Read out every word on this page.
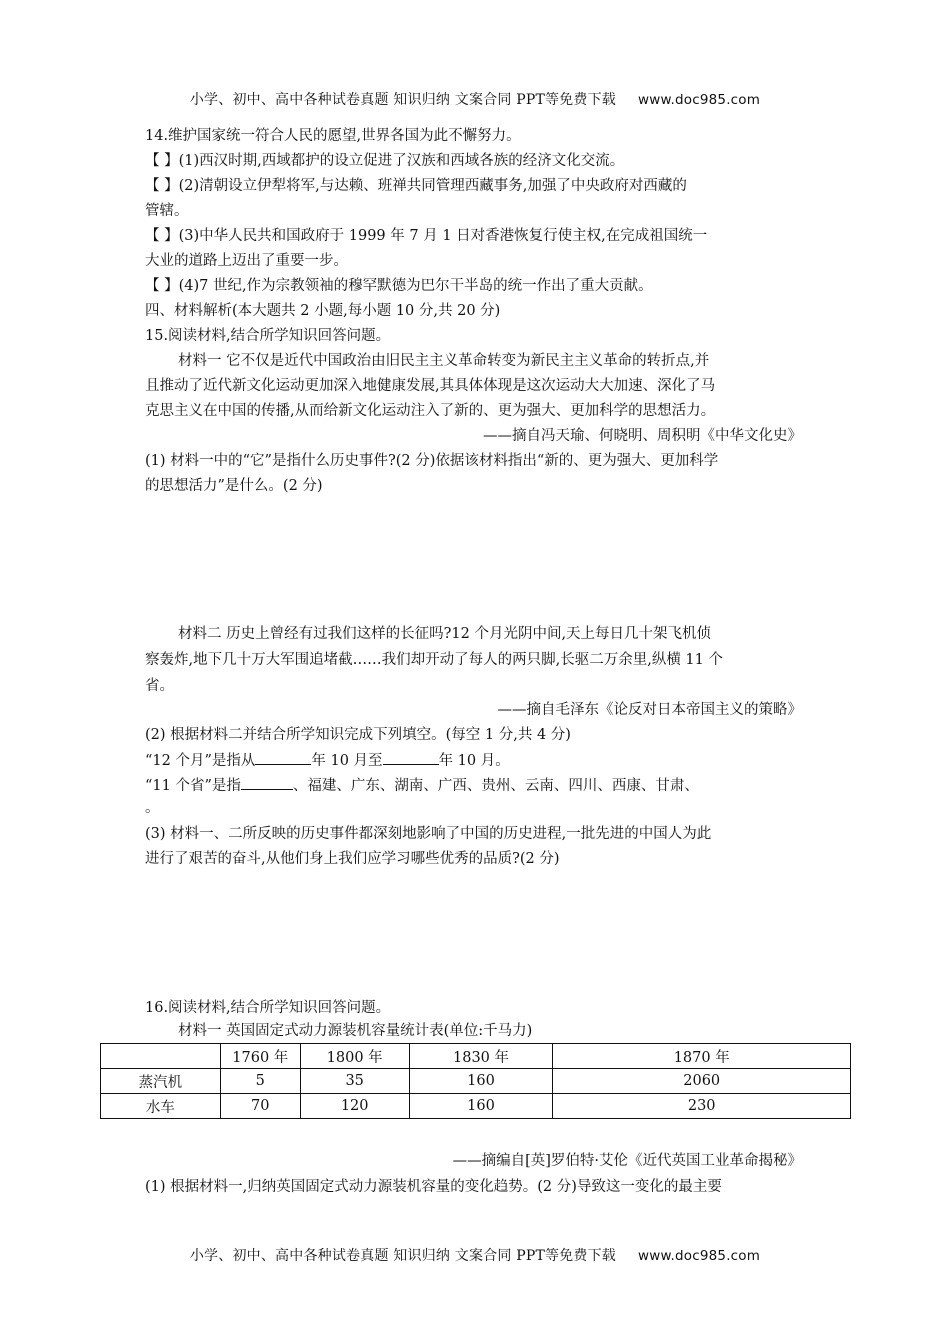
小学、初中、高中各种试卷真题 知识归纳 文案合同 PPT等免费下载 www.doc985.com
14.维护国家统一符合人民的愿望,世界各国为此不懈努力。
【 】(1)西汉时期,西域都护的设立促进了汉族和西域各族的经济文化交流。
【 】(2)清朝设立伊犁将军,与达赖、班禅共同管理西藏事务,加强了中央政府对西藏的
管辖。
【 】(3)中华人民共和国政府于 1999 年 7 月 1 日对香港恢复行使主权,在完成祖国统一
大业的道路上迈出了重要一步。
【 】(4)7 世纪,作为宗教领袖的穆罕默德为巴尔干半岛的统一作出了重大贡献。
四、材料解析(本大题共 2 小题,每小题 10 分,共 20 分)
15.阅读材料,结合所学知识回答问题。
材料一 它不仅是近代中国政治由旧民主主义革命转变为新民主主义革命的转折点,并
且推动了近代新文化运动更加深入地健康发展,其具体体现是这次运动大大加速、深化了马
克思主义在中国的传播,从而给新文化运动注入了新的、更为强大、更加科学的思想活力。
——摘自冯天瑜、何晓明、周积明《中华文化史》
(1) 材料一中的“它”是指什么历史事件?(2 分)依据该材料指出“新的、更为强大、更加科学
的思想活力”是什么。(2 分)
材料二 历史上曾经有过我们这样的长征吗?12 个月光阴中间,天上每日几十架飞机侦
察轰炸,地下几十万大军围追堵截……我们却开动了每人的两只脚,长驱二万余里,纵横 11 个
省。
——摘自毛泽东《论反对日本帝国主义的策略》
(2) 根据材料二并结合所学知识完成下列填空。(每空 1 分,共 4 分)
“12 个月”是指从	年 10 月至	年 10 月。
“11 个省”是指	、福建、广东、湖南、广西、贵州、云南、四川、西康、甘肃、
。
(3) 材料一、二所反映的历史事件都深刻地影响了中国的历史进程,一批先进的中国人为此
进行了艰苦的奋斗,从他们身上我们应学习哪些优秀的品质?(2 分)
16.阅读材料,结合所学知识回答问题。
材料一 英国固定式动力源装机容量统计表(单位:千马力)
	1760 年	1800 年	1830 年	1870 年
蒸汽机	5	35	160	2060
水车	70	120	160	230
——摘编自[英]罗伯特·艾伦《近代英国工业革命揭秘》
(1) 根据材料一,归纳英国固定式动力源装机容量的变化趋势。(2 分)导致这一变化的最主要
小学、初中、高中各种试卷真题 知识归纳 文案合同 PPT等免费下载 www.doc985.com
